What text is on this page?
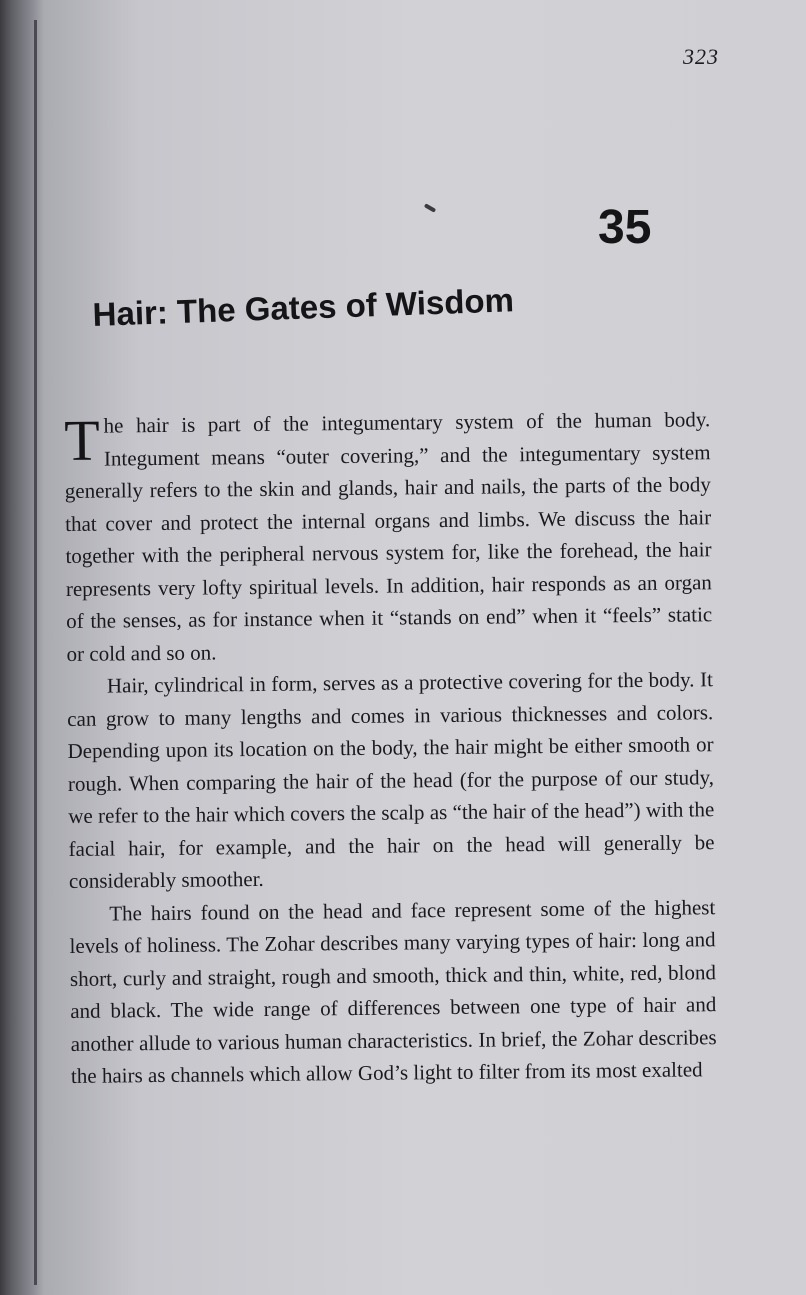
323
35
Hair: The Gates of Wisdom

The hair is part of the integumentary system of the human body. Integument means “outer covering,” and the integumentary system generally refers to the skin and glands, hair and nails, the parts of the body that cover and protect the internal organs and limbs. We discuss the hair together with the peripheral nervous system for, like the forehead, the hair represents very lofty spiritual levels. In addition, hair responds as an organ of the senses, as for instance when it “stands on end” when it “feels” static or cold and so on.

Hair, cylindrical in form, serves as a protective covering for the body. It can grow to many lengths and comes in various thicknesses and colors. Depending upon its location on the body, the hair might be either smooth or rough. When comparing the hair of the head (for the purpose of our study, we refer to the hair which covers the scalp as “the hair of the head”) with the facial hair, for example, and the hair on the head will generally be considerably smoother.

The hairs found on the head and face represent some of the highest levels of holiness. The Zohar describes many varying types of hair: long and short, curly and straight, rough and smooth, thick and thin, white, red, blond and black. The wide range of differences between one type of hair and another allude to various human characteristics. In brief, the Zohar describes the hairs as channels which allow God’s light to filter from its most exalted
